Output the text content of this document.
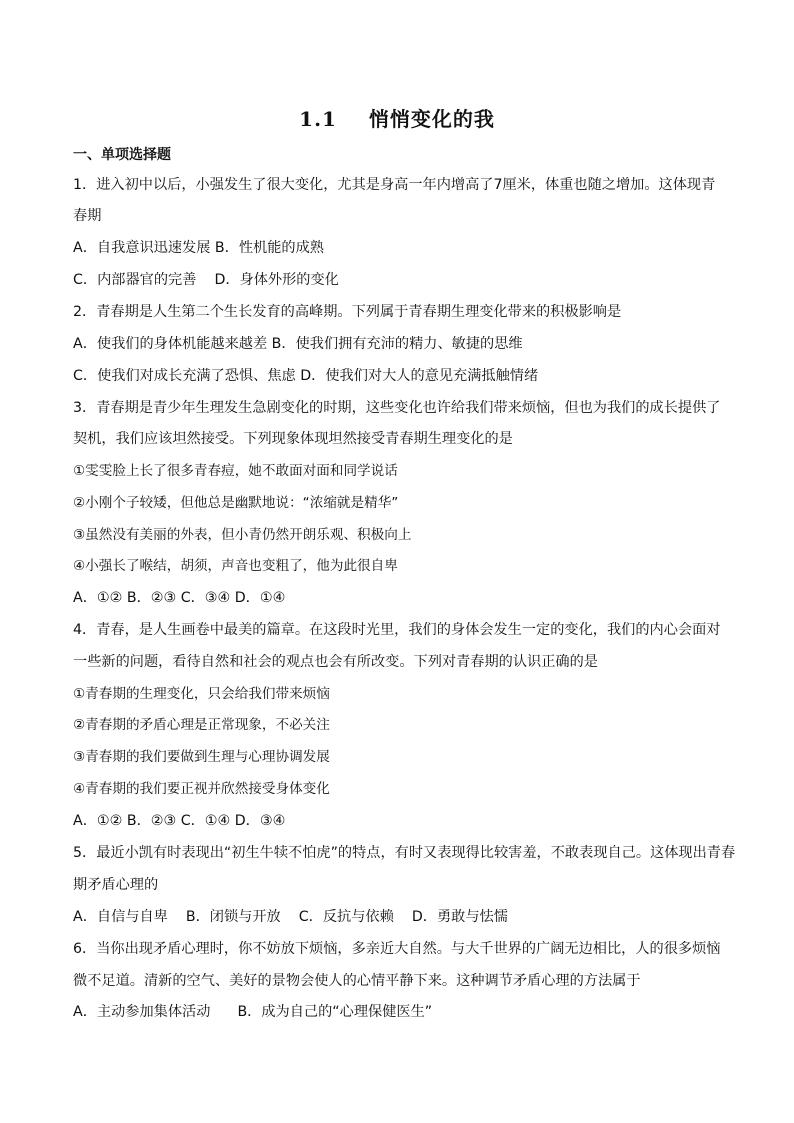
1.1    悄悄变化的我
一、单项选择题
1．进入初中以后，小强发生了很大变化，尤其是身高一年内增高了7厘米，体重也随之增加。这体现青
春期
A．自我意识迅速发展 B．性机能的成熟
C．内部器官的完善    D．身体外形的变化
2．青春期是人生第二个生长发育的高峰期。下列属于青春期生理变化带来的积极影响是
A．使我们的身体机能越来越差 B．使我们拥有充沛的精力、敏捷的思维
C．使我们对成长充满了恐惧、焦虑 D．使我们对大人的意见充满抵触情绪
3．青春期是青少年生理发生急剧变化的时期，这些变化也许给我们带来烦恼，但也为我们的成长提供了
契机，我们应该坦然接受。下列现象体现坦然接受青春期生理变化的是
①雯雯脸上长了很多青春痘，她不敢面对面和同学说话
②小刚个子较矮，但他总是幽默地说：“浓缩就是精华”
③虽然没有美丽的外表，但小青仍然开朗乐观、积极向上
④小强长了喉结，胡须，声音也变粗了，他为此很自卑
A．①② B．②③ C．③④ D．①④
4．青春，是人生画卷中最美的篇章。在这段时光里，我们的身体会发生一定的变化，我们的内心会面对
一些新的问题，看待自然和社会的观点也会有所改变。下列对青春期的认识正确的是
①青春期的生理变化，只会给我们带来烦恼
②青春期的矛盾心理是正常现象，不必关注
③青春期的我们要做到生理与心理协调发展
④青春期的我们要正视并欣然接受身体变化
A．①② B．②③ C．①④ D．③④
5．最近小凯有时表现出“初生牛犊不怕虎”的特点，有时又表现得比较害羞，不敢表现自己。这体现出青春
期矛盾心理的
A．自信与自卑    B．闭锁与开放    C．反抗与依赖    D．勇敢与怯懦
6．当你出现矛盾心理时，你不妨放下烦恼，多亲近大自然。与大千世界的广阔无边相比，人的很多烦恼
微不足道。清新的空气、美好的景物会使人的心情平静下来。这种调节矛盾心理的方法属于
A．主动参加集体活动      B．成为自己的“心理保健医生”
